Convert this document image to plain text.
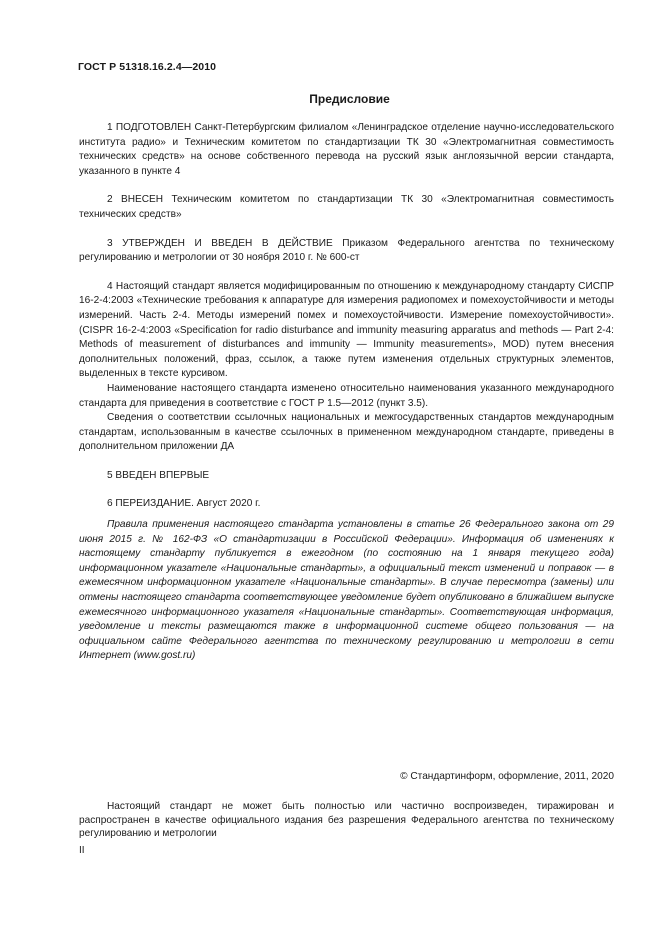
ГОСТ Р 51318.16.2.4—2010
Предисловие

1 ПОДГОТОВЛЕН Санкт-Петербургским филиалом «Ленинградское отделение научно-исследовательского института радио» и Техническим комитетом по стандартизации ТК 30 «Электромагнитная совместимость технических средств» на основе собственного перевода на русский язык англоязычной версии стандарта, указанного в пункте 4

2 ВНЕСЕН Техническим комитетом по стандартизации ТК 30 «Электромагнитная совместимость технических средств»

3 УТВЕРЖДЕН И ВВЕДЕН В ДЕЙСТВИЕ Приказом Федерального агентства по техническому регулированию и метрологии от 30 ноября 2010 г. № 600-ст

4 Настоящий стандарт является модифицированным по отношению к международному стандарту СИСПР 16-2-4:2003 «Технические требования к аппаратуре для измерения радиопомех и помехоустойчивости и методы измерений. Часть 2-4. Методы измерений помех и помехоустойчивости. Измерение помехоустойчивости». (CISPR 16-2-4:2003 «Specification for radio disturbance and immunity measuring apparatus and methods — Part 2-4: Methods of measurement of disturbances and immunity — Immunity measurements», MOD) путем внесения дополнительных положений, фраз, ссылок, а также путем изменения отдельных структурных элементов, выделенных в тексте курсивом.

Наименование настоящего стандарта изменено относительно наименования указанного международного стандарта для приведения в соответствие с ГОСТ Р 1.5—2012 (пункт 3.5).

Сведения о соответствии ссылочных национальных и межгосударственных стандартов международным стандартам, использованным в качестве ссылочных в примененном международном стандарте, приведены в дополнительном приложении ДА

5 ВВЕДЕН ВПЕРВЫЕ

6 ПЕРЕИЗДАНИЕ. Август 2020 г.

Правила применения настоящего стандарта установлены в статье 26 Федерального закона от 29 июня 2015 г. № 162-ФЗ «О стандартизации в Российской Федерации». Информация об изменениях к настоящему стандарту публикуется в ежегодном (по состоянию на 1 января текущего года) информационном указателе «Национальные стандарты», а официальный текст изменений и поправок — в ежемесячном информационном указателе «Национальные стандарты». В случае пересмотра (замены) или отмены настоящего стандарта соответствующее уведомление будет опубликовано в ближайшем выпуске ежемесячного информационного указателя «Национальные стандарты». Соответствующая информация, уведомление и тексты размещаются также в информационной системе общего пользования — на официальном сайте Федерального агентства по техническому регулированию и метрологии в сети Интернет (www.gost.ru)

© Стандартинформ, оформление, 2011, 2020

Настоящий стандарт не может быть полностью или частично воспроизведен, тиражирован и распространен в качестве официального издания без разрешения Федерального агентства по техническому регулированию и метрологии

II
